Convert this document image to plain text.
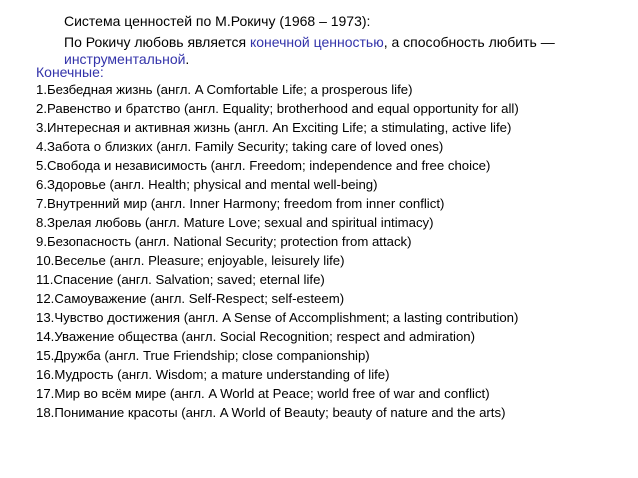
Система ценностей по М.Рокичу (1968 – 1973):
По Рокичу любовь является конечной ценностью, а способность любить — инструментальной.
Конечные:
1.Безбедная жизнь (англ. A Comfortable Life; a prosperous life)
2.Равенство и братство (англ. Equality; brotherhood and equal opportunity for all)
3.Интересная и активная жизнь (англ. An Exciting Life; a stimulating, active life)
4.Забота о близких (англ. Family Security; taking care of loved ones)
5.Свобода и независимость (англ. Freedom; independence and free choice)
6.Здоровье (англ. Health; physical and mental well-being)
7.Внутренний мир (англ. Inner Harmony; freedom from inner conflict)
8.Зрелая любовь (англ. Mature Love; sexual and spiritual intimacy)
9.Безопасность (англ. National Security; protection from attack)
10.Веселье (англ. Pleasure; enjoyable, leisurely life)
11.Спасение (англ. Salvation; saved; eternal life)
12.Самоуважение (англ. Self-Respect; self-esteem)
13.Чувство достижения (англ. A Sense of Accomplishment; a lasting contribution)
14.Уважение общества (англ. Social Recognition; respect and admiration)
15.Дружба (англ. True Friendship; close companionship)
16.Мудрость (англ. Wisdom; a mature understanding of life)
17.Мир во всём мире (англ. A World at Peace; world free of war and conflict)
18.Понимание красоты (англ. A World of Beauty; beauty of nature and the arts)
